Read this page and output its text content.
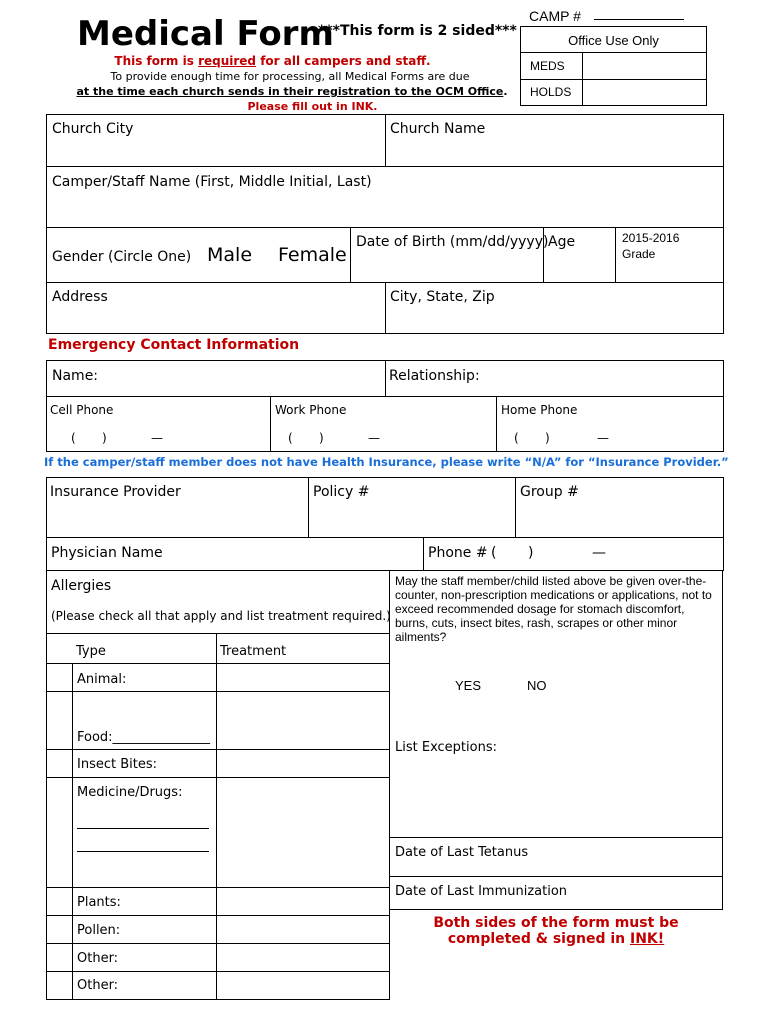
Medical Form
***This form is 2 sided***
This form is required for all campers and staff.
To provide enough time for processing, all Medical Forms are due
at the time each church sends in their registration to the OCM Office.
Please fill out in INK.
CAMP #
Office Use Only
MEDS
HOLDS
Church City	Church Name
Camper/Staff Name (First, Middle Initial, Last)
Gender (Circle One) Male Female
Date of Birth (mm/dd/yyyy) Age	2015-2016
Grade
Address	City, State, Zip
Emergency Contact Information
Name:	Relationship:
Cell Phone
( )	—
Work Phone
( )	—
Home Phone
( )	—
If the camper/staff member does not have Health Insurance, please write “N/A” for “Insurance Provider.”
Insurance Provider	Policy #	Group #
Physician Name	Phone # ( )	—
Allergies
(Please check all that apply and list treatment required.)
Type	Treatment
Animal:
Food:_______________
Insect Bites:
Medicine/Drugs:
Plants:
Pollen:
Other:
Other:
May the staff member/child listed above be given over-the-counter, non-prescription medications or applications, not to exceed recommended dosage for stomach discomfort, burns, cuts, insect bites, rash, scrapes or other minor ailments?
YES	NO
List Exceptions:
Date of Last Tetanus
Date of Last Immunization
Both sides of the form must be
completed & signed in INK!
